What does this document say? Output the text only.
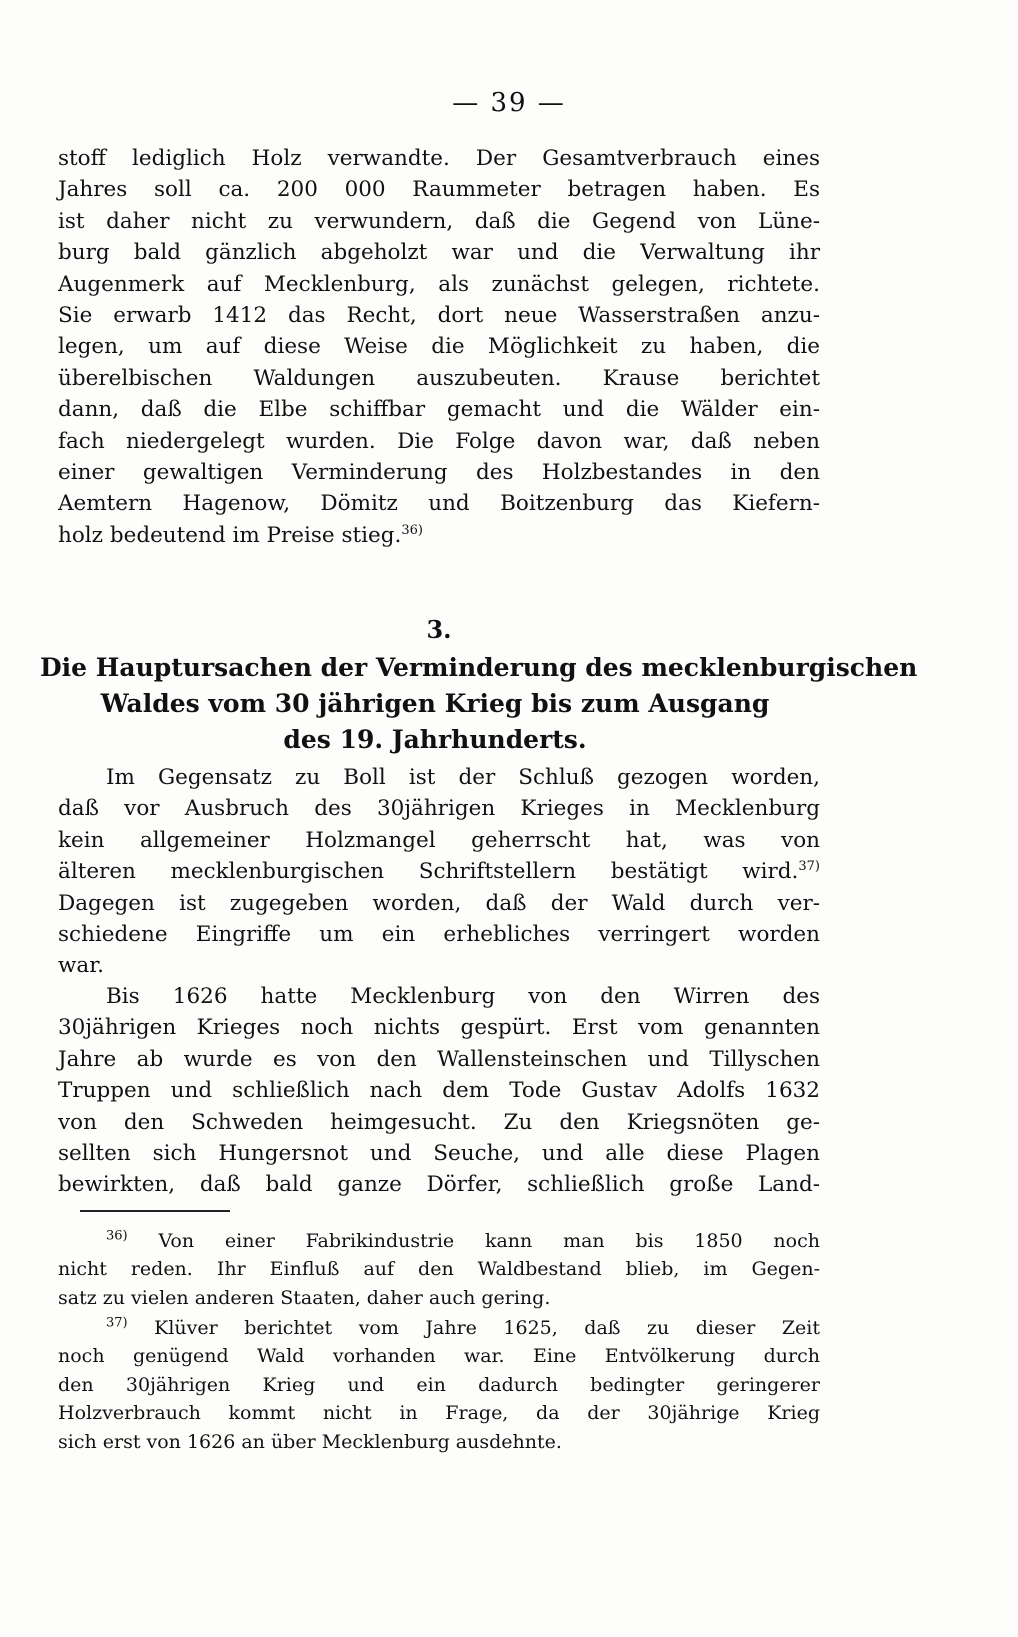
— 39 —
stoff lediglich Holz verwandte. Der Gesamtverbrauch eines
Jahres soll ca. 200 000 Raummeter betragen haben. Es
ist daher nicht zu verwundern, daß die Gegend von Lüne-
burg bald gänzlich abgeholzt war und die Verwaltung ihr
Augenmerk auf Mecklenburg, als zunächst gelegen, richtete.
Sie erwarb 1412 das Recht, dort neue Wasserstraßen anzu-
legen, um auf diese Weise die Möglichkeit zu haben, die
überelbischen Waldungen auszubeuten. Krause berichtet
dann, daß die Elbe schiffbar gemacht und die Wälder ein-
fach niedergelegt wurden. Die Folge davon war, daß neben
einer gewaltigen Verminderung des Holzbestandes in den
Aemtern Hagenow, Dömitz und Boitzenburg das Kiefern-
holz bedeutend im Preise stieg.$^{36)}$
3.
Die Hauptursachen der Verminderung des mecklenburgischen
Waldes vom 30 jährigen Krieg bis zum Ausgang
des 19. Jahrhunderts.
Im Gegensatz zu Boll ist der Schluß gezogen worden,
daß vor Ausbruch des 30jährigen Krieges in Mecklenburg
kein allgemeiner Holzmangel geherrscht hat, was von
älteren mecklenburgischen Schriftstellern bestätigt wird.$^{37)}$
Dagegen ist zugegeben worden, daß der Wald durch ver-
schiedene Eingriffe um ein erhebliches verringert worden
war.
Bis 1626 hatte Mecklenburg von den Wirren des
30jährigen Krieges noch nichts gespürt. Erst vom genannten
Jahre ab wurde es von den Wallensteinschen und Tillyschen
Truppen und schließlich nach dem Tode Gustav Adolfs 1632
von den Schweden heimgesucht. Zu den Kriegsnöten ge-
sellten sich Hungersnot und Seuche, und alle diese Plagen
bewirkten, daß bald ganze Dörfer, schließlich große Land-
$^{36)}$ Von einer Fabrikindustrie kann man bis 1850 noch
nicht reden. Ihr Einfluß auf den Waldbestand blieb, im Gegen-
satz zu vielen anderen Staaten, daher auch gering.
$^{37)}$ Klüver berichtet vom Jahre 1625, daß zu dieser Zeit
noch genügend Wald vorhanden war. Eine Entvölkerung durch
den 30jährigen Krieg und ein dadurch bedingter geringerer
Holzverbrauch kommt nicht in Frage, da der 30jährige Krieg
sich erst von 1626 an über Mecklenburg ausdehnte.
